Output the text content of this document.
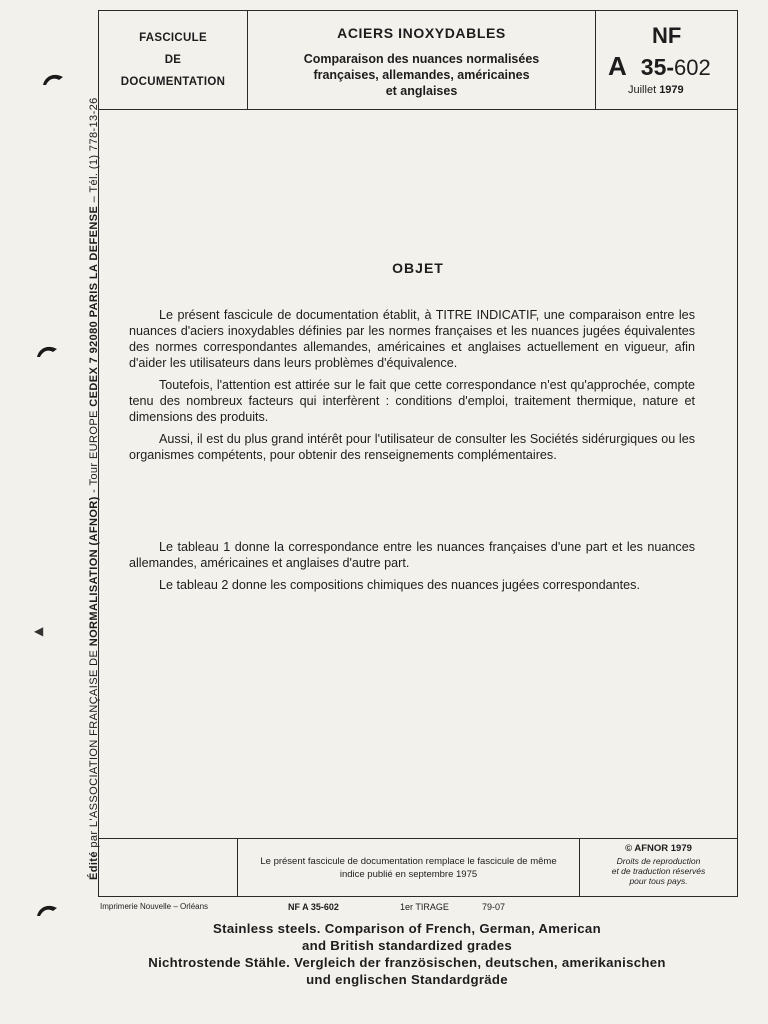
Édité par L'ASSOCIATION FRANÇAISE DE NORMALISATION (AFNOR) - Tour EUROPE CEDEX 7 92080 PARIS LA DEFENSE – Tél. (1) 778-13-26
◀
FASCICULE
DE
DOCUMENTATION
ACIERS INOXYDABLES
Comparaison des nuances normalisées
françaises, allemandes, américaines
et anglaises
NF
A 35-602
Juillet 1979
OBJET

Le présent fascicule de documentation établit, à TITRE INDICATIF, une comparaison entre les nuances d'aciers inoxydables définies par les normes françaises et les nuances jugées équivalentes des normes correspondantes allemandes, américaines et anglaises actuellement en vigueur, afin d'aider les utilisateurs dans leurs problèmes d'équivalence.

Toutefois, l'attention est attirée sur le fait que cette correspondance n'est qu'approchée, compte tenu des nombreux facteurs qui interfèrent : conditions d'emploi, traitement thermique, nature et dimensions des produits.

Aussi, il est du plus grand intérêt pour l'utilisateur de consulter les Sociétés sidérurgiques ou les organismes compétents, pour obtenir des renseignements complémentaires.

Le tableau 1 donne la correspondance entre les nuances françaises d'une part et les nuances allemandes, américaines et anglaises d'autre part.

Le tableau 2 donne les compositions chimiques des nuances jugées correspondantes.

Le présent fascicule de documentation remplace le fascicule de même indice publié en septembre 1975
© AFNOR 1979
Droits de reproduction
et de traduction réservés
pour tous pays.
Imprimerie Nouvelle – Orléans	NF A 35-602	1er TIRAGE	79-07
Stainless steels. Comparison of French, German, American
and British standardized grades
Nichtrostende Stähle. Vergleich der französischen, deutschen, amerikanischen
und englischen Standardgräde
